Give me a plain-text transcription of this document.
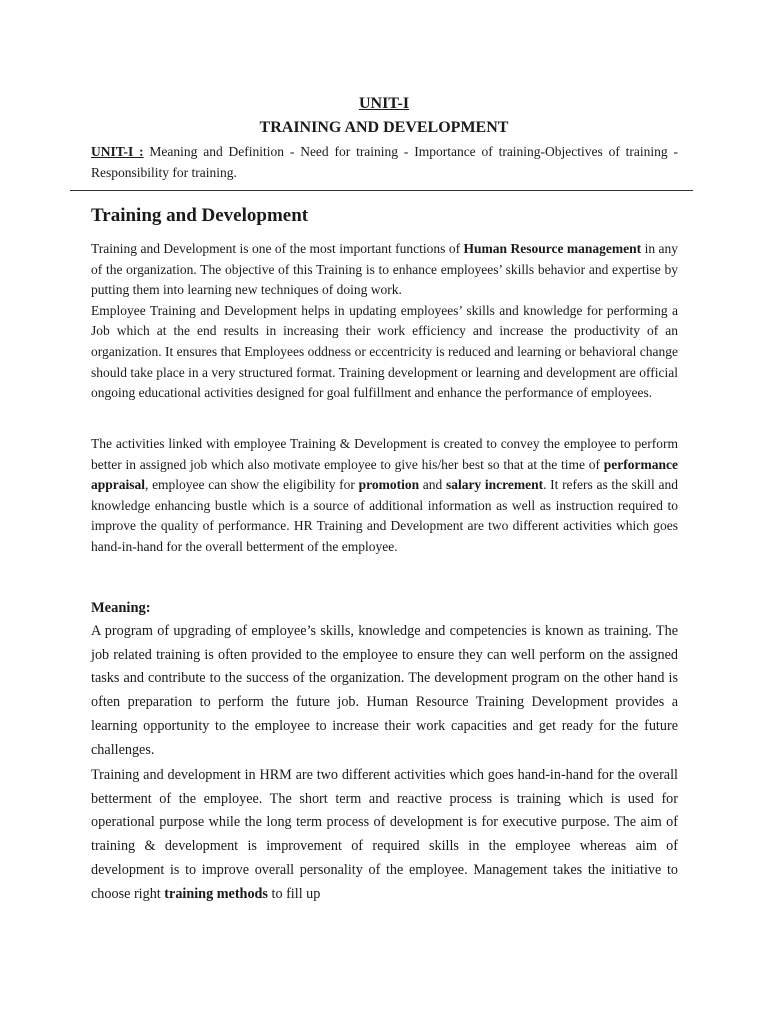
UNIT-I
TRAINING AND DEVELOPMENT
UNIT-I : Meaning and Definition - Need for training - Importance of training-Objectives of training -Responsibility for training.
Training and Development
Training and Development is one of the most important functions of Human Resource management in any of the organization. The objective of this Training is to enhance employees’ skills behavior and expertise by putting them into learning new techniques of doing work.
Employee Training and Development helps in updating employees’ skills and knowledge for performing a Job which at the end results in increasing their work efficiency and increase the productivity of an organization. It ensures that Employees oddness or eccentricity is reduced and learning or behavioral change should take place in a very structured format. Training development or learning and development are official ongoing educational activities designed for goal fulfillment and enhance the performance of employees.
The activities linked with employee Training & Development is created to convey the employee to perform better in assigned job which also motivate employee to give his/her best so that at the time of performance appraisal, employee can show the eligibility for promotion and salary increment. It refers as the skill and knowledge enhancing bustle which is a source of additional information as well as instruction required to improve the quality of performance. HR Training and Development are two different activities which goes hand-in-hand for the overall betterment of the employee.
Meaning:
A program of upgrading of employee’s skills, knowledge and competencies is known as training. The job related training is often provided to the employee to ensure they can well perform on the assigned tasks and contribute to the success of the organization. The development program on the other hand is often preparation to perform the future job. Human Resource Training Development provides a learning opportunity to the employee to increase their work capacities and get ready for the future challenges.
Training and development in HRM are two different activities which goes hand-in-hand for the overall betterment of the employee. The short term and reactive process is training which is used for operational purpose while the long term process of development is for executive purpose. The aim of training & development is improvement of required skills in the employee whereas aim of development is to improve overall personality of the employee. Management takes the initiative to choose right training methods to fill up
